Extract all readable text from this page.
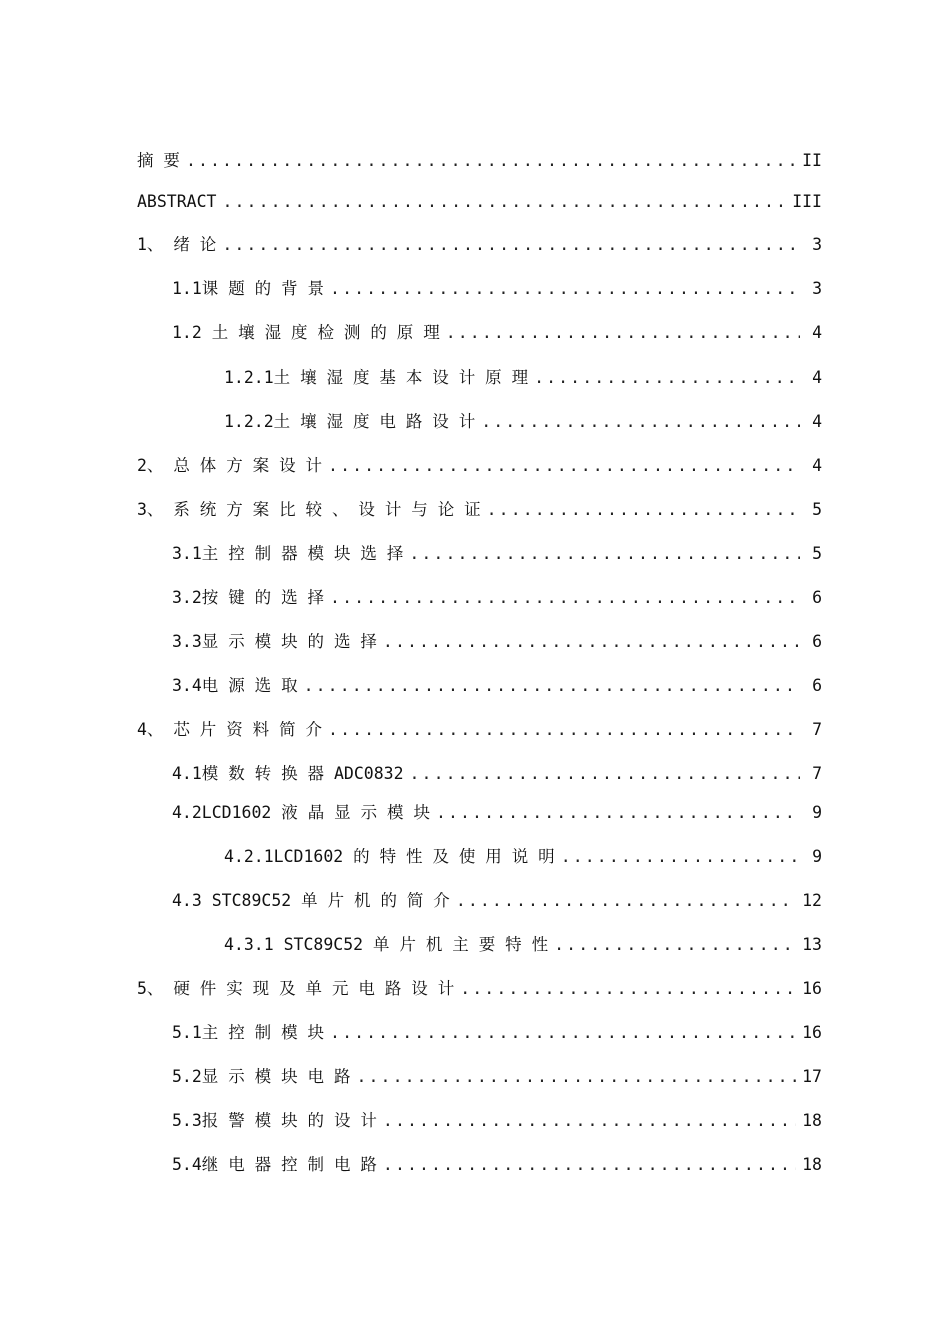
摘 要 .....	II
ABSTRACT .....	III
1、 绪 论 .....	3
1.1课 题 的 背 景 .....	3
1.2 土 壤 湿 度 检 测 的 原 理 .....	4
1.2.1土 壤 湿 度 基 本 设 计 原 理 .....	4
1.2.2土 壤 湿 度 电 路 设 计 .....	4
2、 总 体 方 案 设 计 .....	4
3、 系 统 方 案 比 较 、 设 计 与 论 证 .....	5
3.1主 控 制 器 模 块 选 择 .....	5
3.2按 键 的 选 择 .....	6
3.3显 示 模 块 的 选 择 .....	6
3.4电 源 选 取 .....	6
4、 芯 片 资 料 简 介 .....	7
4.1模 数 转 换 器 ADC0832 .....	7
4.2LCD1602 液 晶 显 示 模 块 .....	9
4.2.1LCD1602 的 特 性 及 使 用 说 明 .....	9
4.3 STC89C52 单 片 机 的 简 介 .....	12
4.3.1 STC89C52 单 片 机 主 要 特 性 .....	13
5、 硬 件 实 现 及 单 元 电 路 设 计 .....	16
5.1主 控 制 模 块 .....	16
5.2显 示 模 块 电 路 .....	17
5.3报 警 模 块 的 设 计 .....	18
5.4继 电 器 控 制 电 路 .....	18
